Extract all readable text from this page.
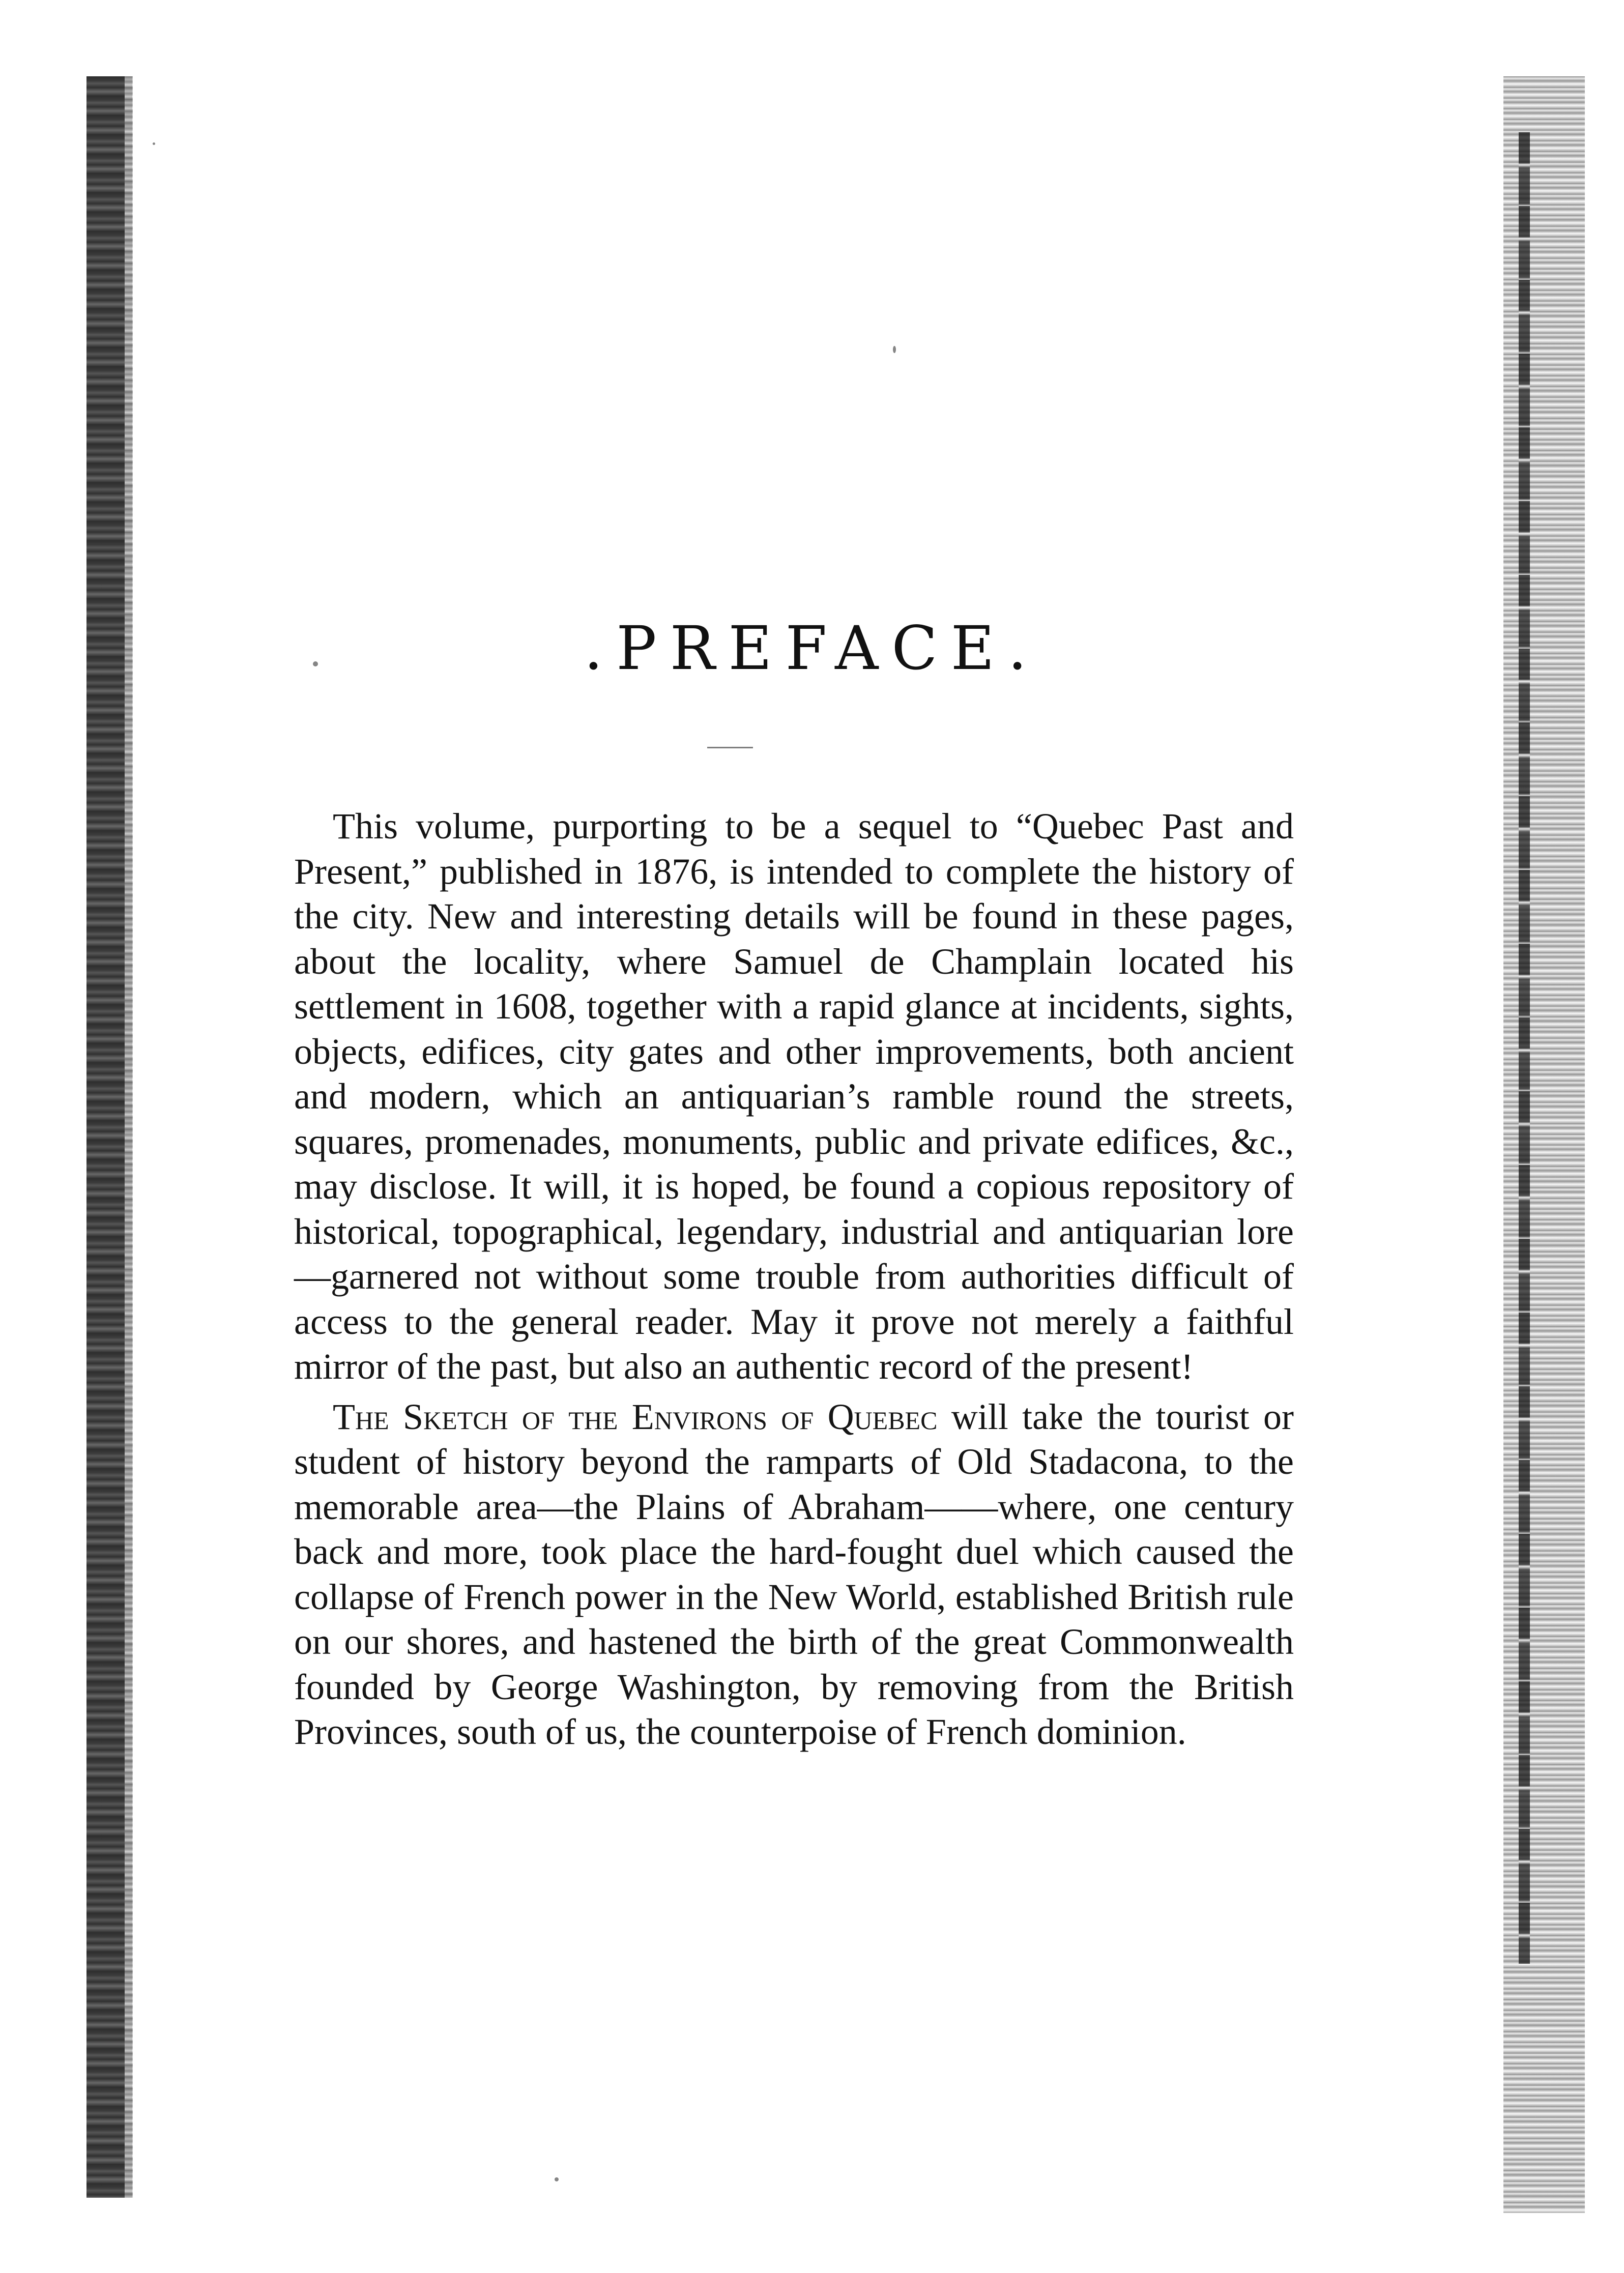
.PREFACE.

This volume, purporting to be a sequel to “Quebec Past and Present,” published in 1876, is intended to complete the history of the city. New and interesting details will be found in these pages, about the locality, where Samuel de Champlain located his settlement in 1608, together with a rapid glance at incidents, sights, objects, edifices, city gates and other improvements, both ancient and modern, which an antiquarian’s ramble round the streets, squares, promenades, monuments, public and private edifices, &c., may disclose. It will, it is hoped, be found a copious repository of historical, topographical, legendary, industrial and antiquarian lore—garnered not without some trouble from authorities difficult of access to the general reader. May it prove not merely a faithful mirror of the past, but also an authentic record of the present!

The Sketch of the Environs of Quebec will take the tourist or student of history beyond the ramparts of Old Stadacona, to the memorable area—the Plains of Abraham——where, one century back and more, took place the hard-fought duel which caused the collapse of French power in the New World, established British rule on our shores, and hastened the birth of the great Commonwealth founded by George Washington, by removing from the British Provinces, south of us, the counterpoise of French dominion.
